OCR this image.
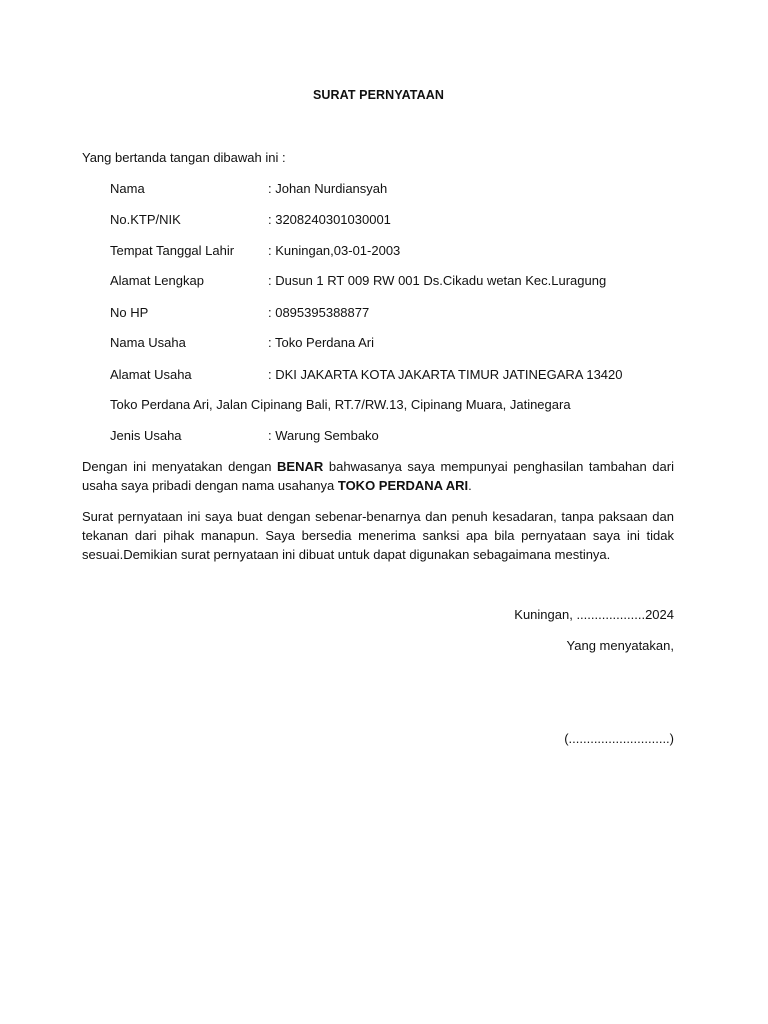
SURAT PERNYATAAN
Yang bertanda tangan dibawah ini :
Nama	: Johan Nurdiansyah
No.KTP/NIK	: 3208240301030001
Tempat Tanggal Lahir	: Kuningan,03-01-2003
Alamat Lengkap	: Dusun 1 RT 009 RW 001 Ds.Cikadu wetan Kec.Luragung
No HP	: 0895395388877
Nama Usaha	: Toko Perdana Ari
Alamat Usaha	: DKI JAKARTA KOTA JAKARTA TIMUR JATINEGARA 13420
Toko Perdana Ari, Jalan Cipinang Bali, RT.7/RW.13, Cipinang Muara, Jatinegara
Jenis Usaha	: Warung Sembako
Dengan ini menyatakan dengan BENAR bahwasanya saya mempunyai penghasilan tambahan dari usaha saya pribadi dengan nama usahanya TOKO PERDANA ARI.
Surat pernyataan ini saya buat dengan sebenar-benarnya dan penuh kesadaran, tanpa paksaan dan tekanan dari pihak manapun. Saya bersedia menerima sanksi apa bila pernyataan saya ini tidak sesuai.Demikian surat pernyataan ini dibuat untuk dapat digunakan sebagaimana mestinya.
Kuningan, ...................2024
Yang menyatakan,
(............................)
